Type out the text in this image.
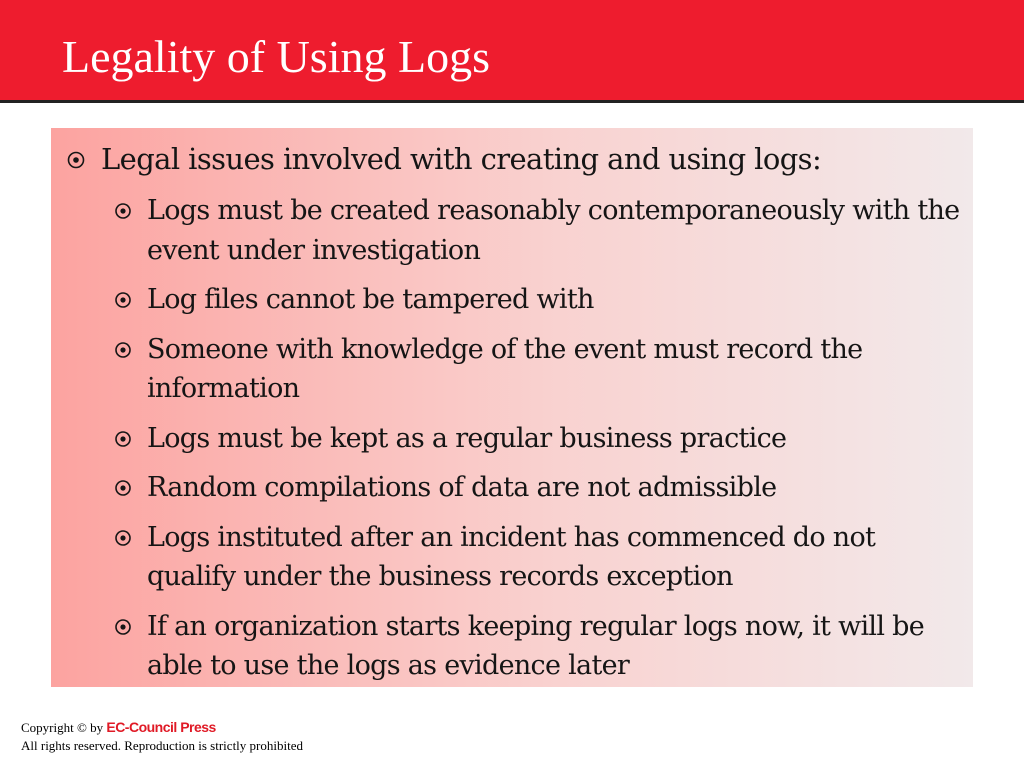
Legality of Using Logs
Legal issues involved with creating and using logs:
Logs must be created reasonably contemporaneously with the event under investigation
Log files cannot be tampered with
Someone with knowledge of the event must record the information
Logs must be kept as a regular business practice
Random compilations of data are not admissible
Logs instituted after an incident has commenced do not qualify under the business records exception
If an organization starts keeping regular logs now, it will be able to use the logs as evidence later
Copyright © by EC-Council Press
All rights reserved. Reproduction is strictly prohibited
